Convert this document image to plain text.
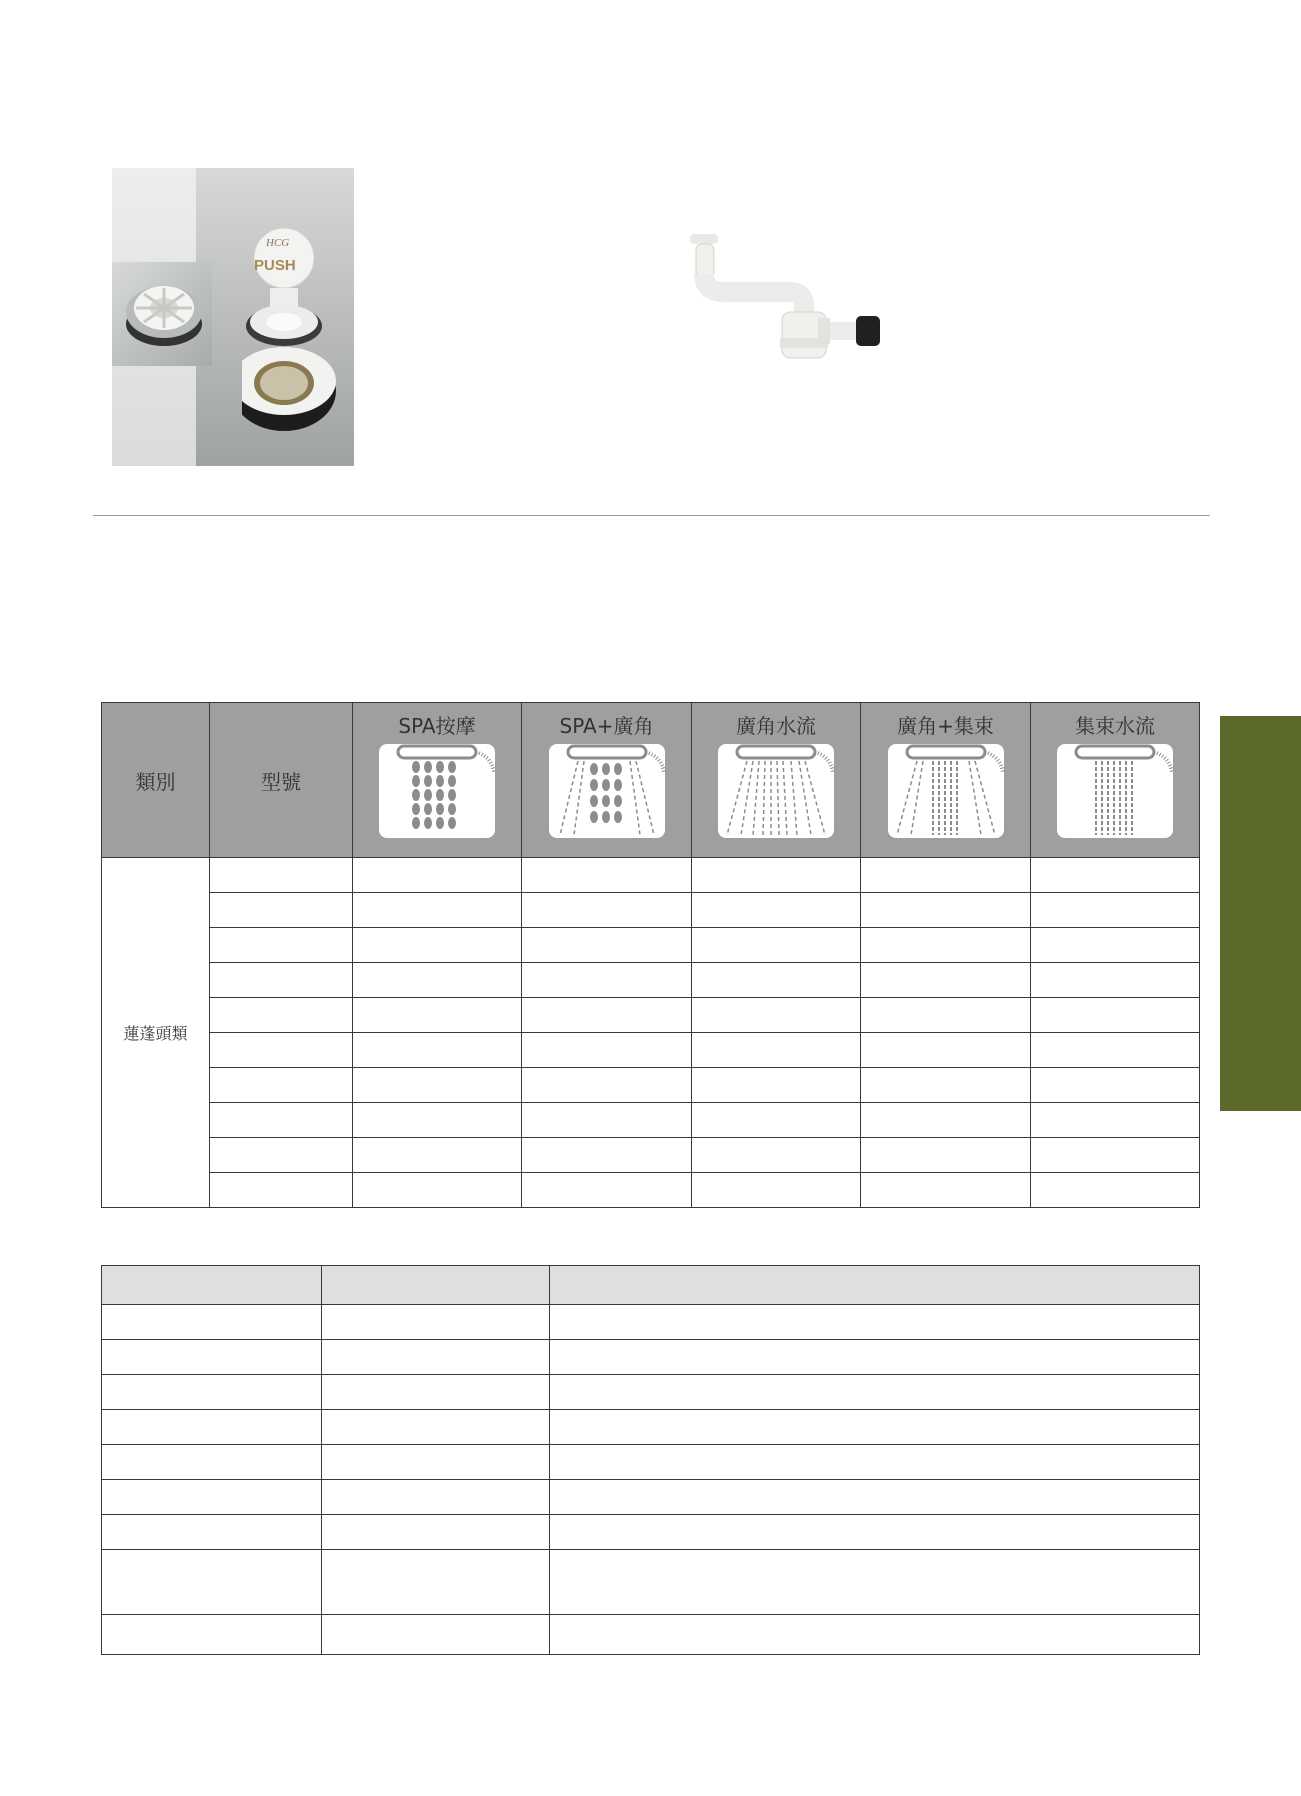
HCG
PUSH
類別	型號	SPA按摩	SPA+廣角	廣角水流	廣角+集束	集束水流

蓮蓬頭類						
